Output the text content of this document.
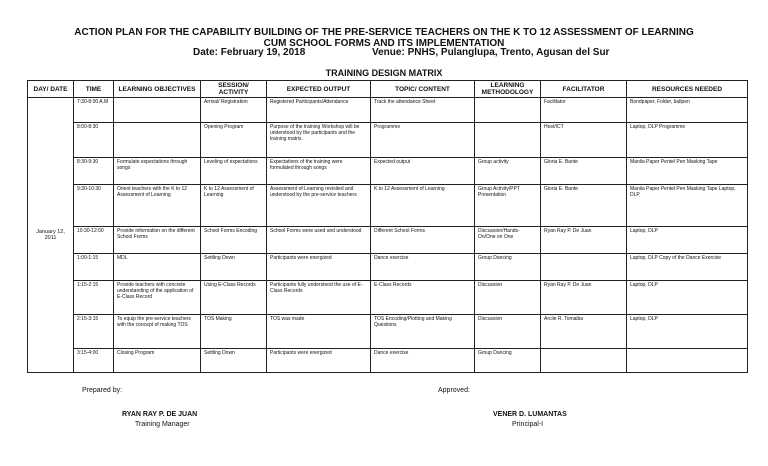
ACTION PLAN FOR THE CAPABILITY BUILDING OF THE PRE-SERVICE TEACHERS ON THE K TO 12 ASSESSMENT OF LEARNING
CUM SCHOOL FORMS AND ITS IMPLEMENTATION
Date: February 19, 2018	Venue: PNHS, Pulanglupa, Trento, Agusan del Sur
TRAINING DESIGN MATRIX
DAY/ DATE	TIME	LEARNING OBJECTIVES	SESSION/ ACTIVITY	EXPECTED OUTPUT	TOPIC/ CONTENT	LEARNING METHODOLOGY	FACILITATOR	RESOURCES NEEDED
January 12, 2011	7:30-8:00 A.M		Arrival/ Registration	Registered Participants/Attendance	Track the attendance Sheet		Facilitator	Bondpaper, Folder, ballpen
	8:00-8:30		Opening Program	Purpose of the training Workshop will be understood by the participants and the training matrix.	Programme		Host/ICT	Laptop, DLP Programme
	8:30-9:30	Formulate expectations through songs	Leveling of expectations	Expectations of the training were formulated through songs	Expected output	Group activity	Gloria E. Bante	Manila Paper Pentel Pen Masking Tape
	9:30-10:30	Orient teachers with the K to 12 Assessment of Learning	K to 12 Assessment of Learning	Assessment of Learning revisited and understood by the pre-service teachers	K to 12 Assessment of Learning	Group Activity/PPT Presentation	Gloria E. Bante	Manila Paper Pentel Pen Masking Tape Laptop, DLP
	10:30-12:00	Provide information on the different School Forms	School Forms Encoding	School Forms were used and understood	Different School Forms	Discussion/Hands-On/One on One	Ryan Ray P. De Juan	Laptop, DLP
	1:00-1:15	MDL	Settling Down	Participants were energized	Dance exercise	Group Dancing		Laptop, DLP Copy of the Dance Exercise
	1:15-2:15	Provide teachers with concrete understanding of the application of E-Class Record	Using E-Class Records	Participants fully understood the use of E-Class Records	E-Class Records	Discussion	Ryan Ray P. De Juan	Laptop, DLP
	2:15-3:15	To equip the pre-service teachers with the concept of making TOS	TOS Making	TOS was made	TOS Encoding/Plotting and Making Questions	Discussion	Arcile R. Tomaiba	Laptop, DLP
	3:15-4:00	Closing Program	Settling Down	Participants were energized	Dance exercise	Group Dancing		
Prepared by:
RYAN RAY P. DE JUAN
Training Manager
Approved:
VENER D. LUMANTAS
Principal-I
